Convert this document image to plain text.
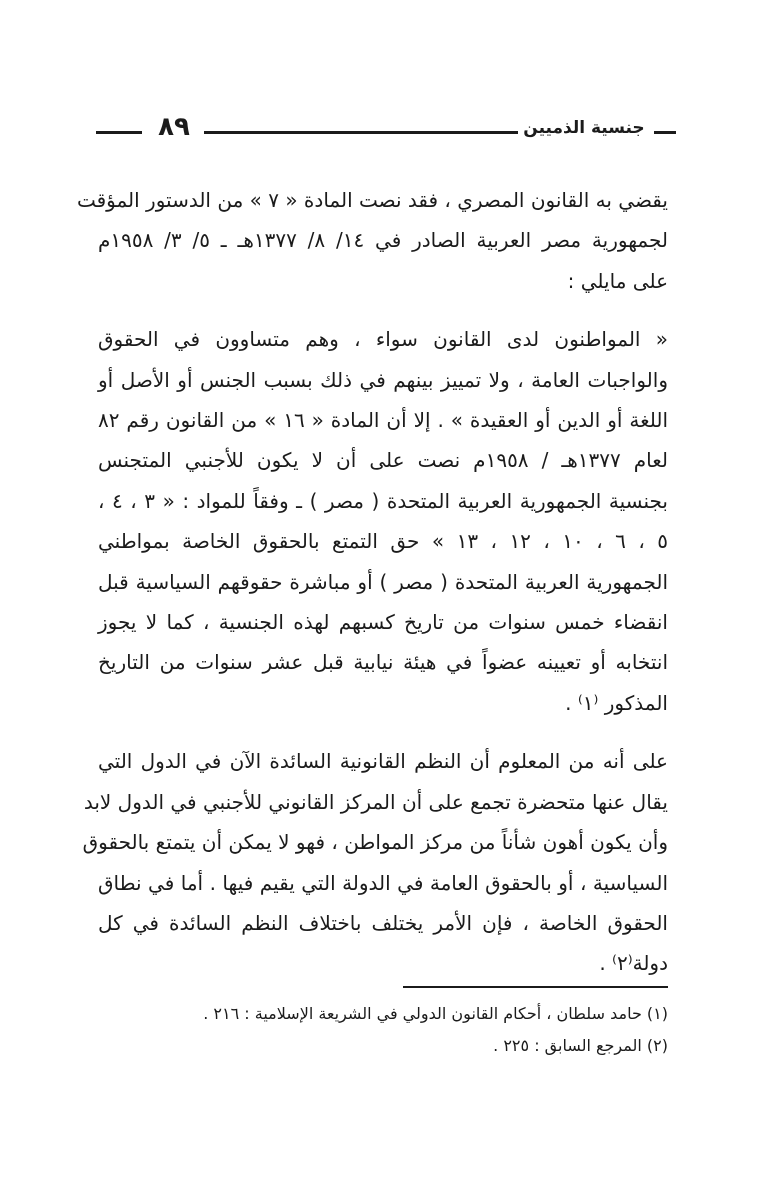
٨٩	جنسية الذميين

يقضي به القانون المصري ، فقد نصت المادة « ٧ » من الدستور المؤقت
لجمهورية مصر العربية الصادر في ١٤/ ٨/ ١٣٧٧هـ ـ ٥/ ٣/ ١٩٥٨م
على مايلي :

« المواطنون لدى القانون سواء ، وهم متساوون في الحقوق
والواجبات العامة ، ولا تمييز بينهم في ذلك بسبب الجنس أو الأصل أو
اللغة أو الدين أو العقيدة » . إلا أن المادة « ١٦ » من القانون رقم ٨٢
لعام ١٣٧٧هـ / ١٩٥٨م نصت على أن لا يكون للأجنبي المتجنس
بجنسية الجمهورية العربية المتحدة ( مصر ) ـ وفقاً للمواد : « ٣ ، ٤ ،
٥ ، ٦ ، ١٠ ، ١٢ ، ١٣ » حق التمتع بالحقوق الخاصة بمواطني
الجمهورية العربية المتحدة ( مصر ) أو مباشرة حقوقهم السياسية قبل
انقضاء خمس سنوات من تاريخ كسبهم لهذه الجنسية ، كما لا يجوز
انتخابه أو تعيينه عضواً في هيئة نيابية قبل عشر سنوات من التاريخ
المذكور ⁽١⁾ .

على أنه من المعلوم أن النظم القانونية السائدة الآن في الدول التي
يقال عنها متحضرة تجمع على أن المركز القانوني للأجنبي في الدول لابد
وأن يكون أهون شأناً من مركز المواطن ، فهو لا يمكن أن يتمتع بالحقوق
السياسية ، أو بالحقوق العامة في الدولة التي يقيم فيها . أما في نطاق
الحقوق الخاصة ، فإن الأمر يختلف باختلاف النظم السائدة في كل
دولة⁽٢⁾ .

(١) حامد سلطان ، أحكام القانون الدولي في الشريعة الإسلامية : ٢١٦ .
(٢) المرجع السابق : ٢٢٥ .
